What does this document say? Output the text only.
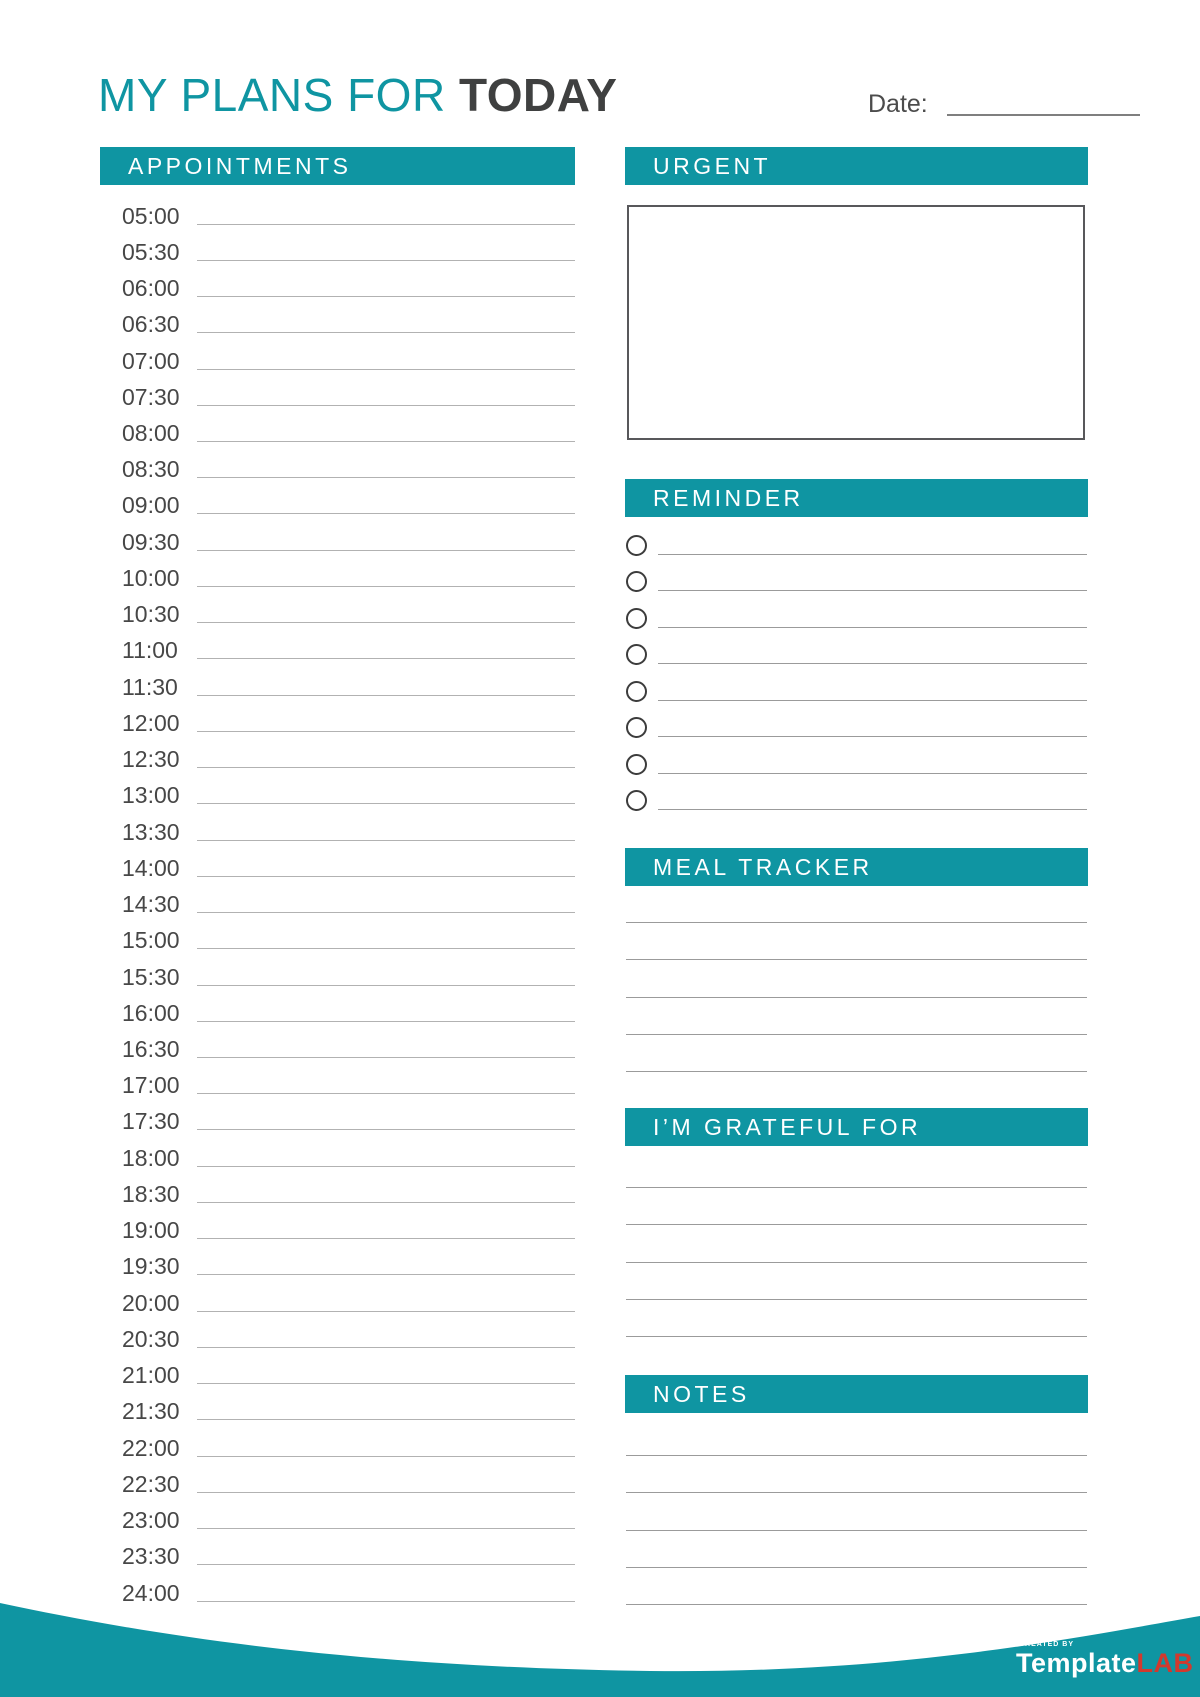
MY PLANS FOR TODAY	Date:
APPOINTMENTS	URGENT
REMINDER
MEAL TRACKER
I’M GRATEFUL FOR
NOTES
05:00
05:30
06:00
06:30
07:00
07:30
08:00
08:30
09:00
09:30
10:00
10:30
11:00
11:30
12:00
12:30
13:00
13:30
14:00
14:30
15:00
15:30
16:00
16:30
17:00
17:30
18:00
18:30
19:00
19:30
20:00
20:30
21:00
21:30
22:00
22:30
23:00
23:30
24:00
CREATED BY
TemplateLAB
